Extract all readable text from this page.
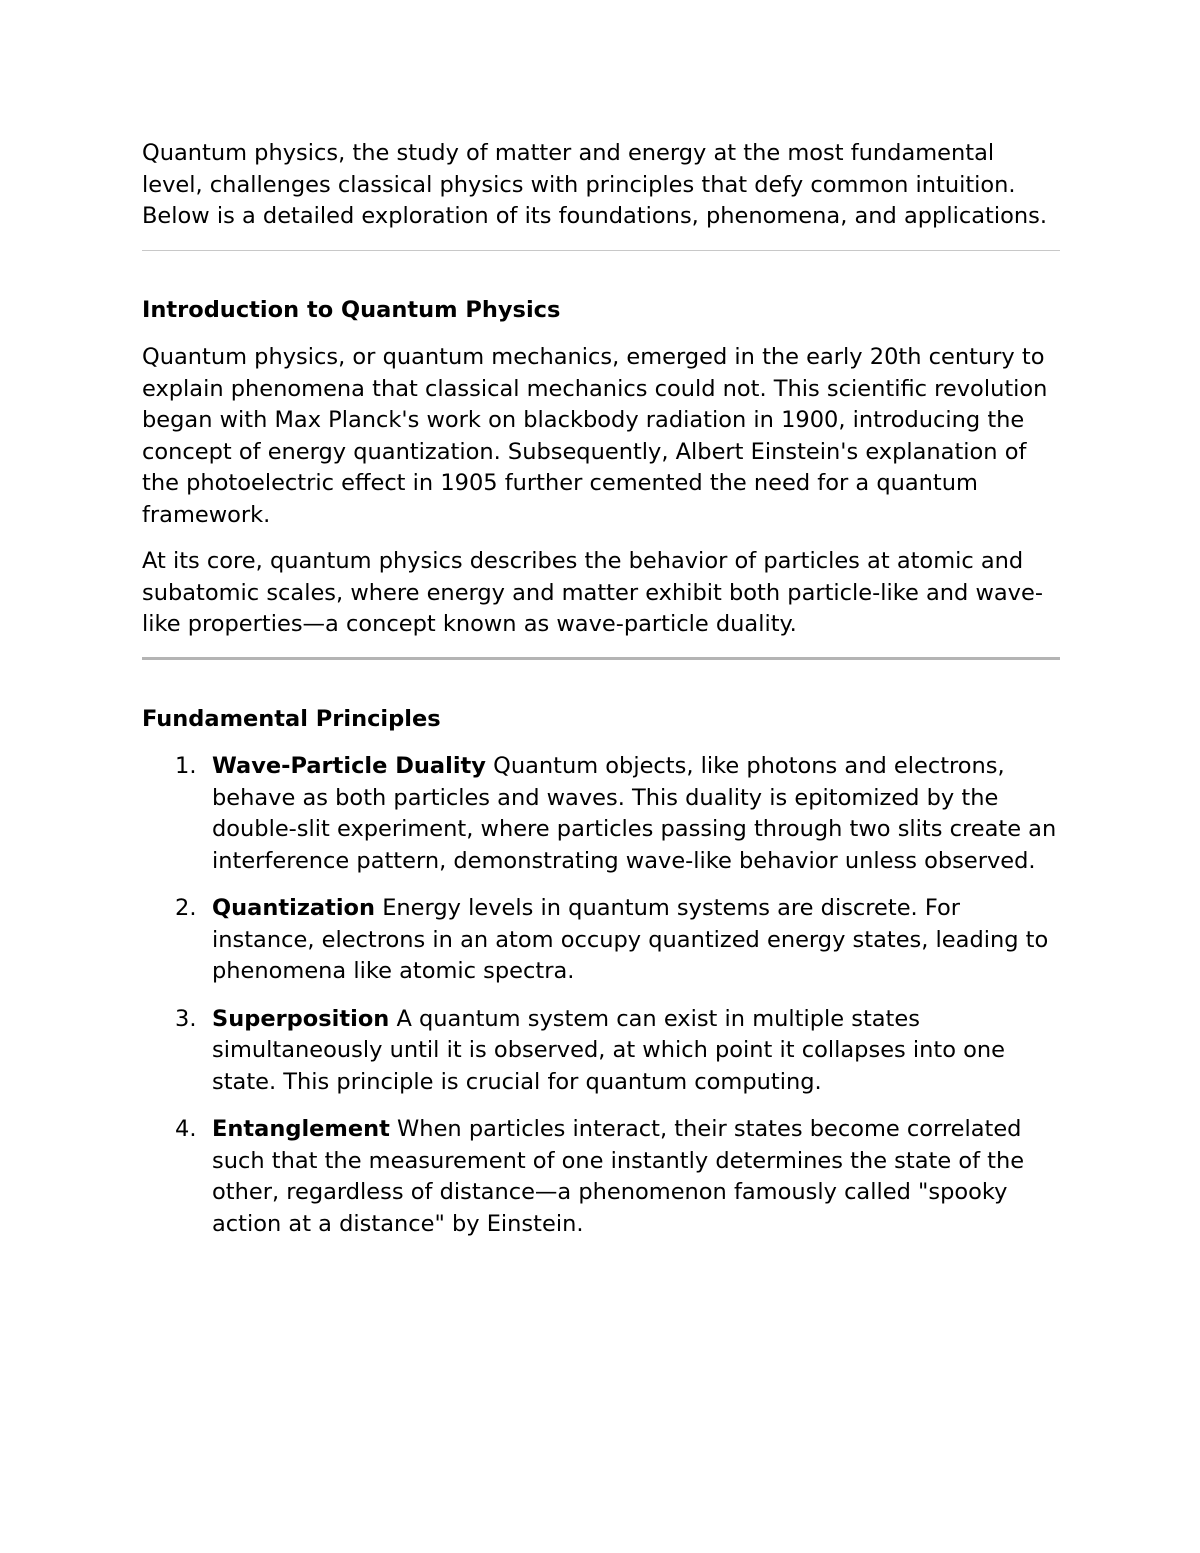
Quantum physics, the study of matter and energy at the most fundamental level, challenges classical physics with principles that defy common intuition. Below is a detailed exploration of its foundations, phenomena, and applications.

Introduction to Quantum Physics

Quantum physics, or quantum mechanics, emerged in the early 20th century to explain phenomena that classical mechanics could not. This scientific revolution began with Max Planck's work on blackbody radiation in 1900, introducing the concept of energy quantization. Subsequently, Albert Einstein's explanation of the photoelectric effect in 1905 further cemented the need for a quantum framework.

At its core, quantum physics describes the behavior of particles at atomic and subatomic scales, where energy and matter exhibit both particle-like and wave-like properties—a concept known as wave-particle duality.

Fundamental Principles
1. Wave-Particle Duality Quantum objects, like photons and electrons, behave as both particles and waves. This duality is epitomized by the double-slit experiment, where particles passing through two slits create an interference pattern, demonstrating wave-like behavior unless observed.
2. Quantization Energy levels in quantum systems are discrete. For instance, electrons in an atom occupy quantized energy states, leading to phenomena like atomic spectra.
3. Superposition A quantum system can exist in multiple states simultaneously until it is observed, at which point it collapses into one state. This principle is crucial for quantum computing.
4. Entanglement When particles interact, their states become correlated such that the measurement of one instantly determines the state of the other, regardless of distance—a phenomenon famously called "spooky action at a distance" by Einstein.
